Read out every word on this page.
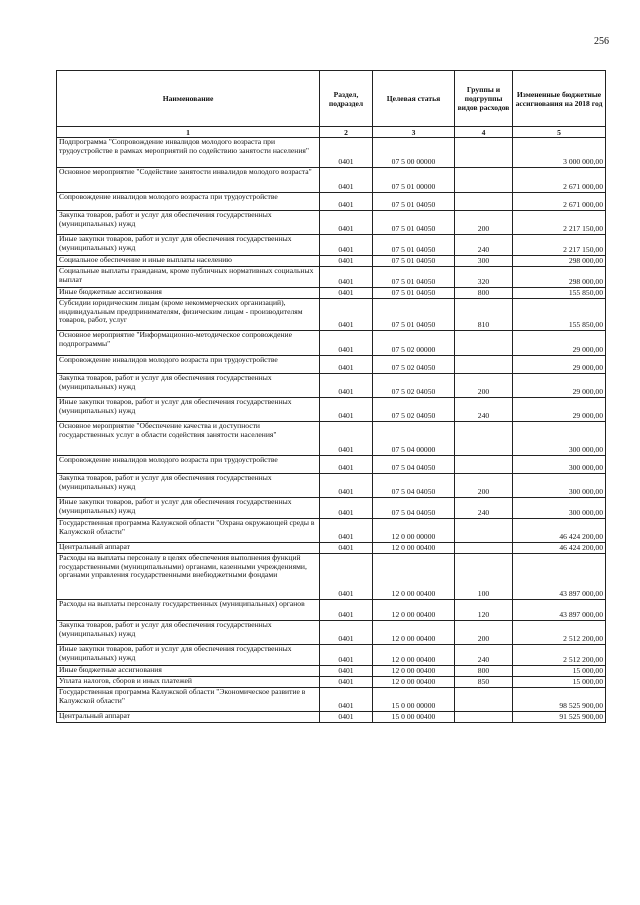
256
Наименование	Раздел, подраздел	Целевая статья	Группы и подгруппы видов расходов	Измененные бюджетные ассигнования на 2018 год
1	2	3	4	5
Подпрограмма "Сопровождение инвалидов молодого возраста при трудоустройстве в рамках мероприятий по содействию занятости населения"	0401	07 5 00 00000		3 000 000,00
Основное мероприятие "Содействие занятости инвалидов молодого возраста"	0401	07 5 01 00000		2 671 000,00
Сопровождение инвалидов молодого возраста при трудоустройстве	0401	07 5 01 04050		2 671 000,00
Закупка товаров, работ и услуг для обеспечения государственных (муниципальных) нужд	0401	07 5 01 04050	200	2 217 150,00
Иные закупки товаров, работ и услуг для обеспечения государственных (муниципальных) нужд	0401	07 5 01 04050	240	2 217 150,00
Социальное обеспечение и иные выплаты населению	0401	07 5 01 04050	300	298 000,00
Социальные выплаты гражданам, кроме публичных нормативных социальных выплат	0401	07 5 01 04050	320	298 000,00
Иные бюджетные ассигнования	0401	07 5 01 04050	800	155 850,00
Субсидии юридическим лицам (кроме некоммерческих организаций), индивидуальным предпринимателям, физическим лицам - производителям товаров, работ, услуг	0401	07 5 01 04050	810	155 850,00
Основное мероприятие "Информационно-методическое сопровождение подпрограммы"	0401	07 5 02 00000		29 000,00
Сопровождение инвалидов молодого возраста при трудоустройстве	0401	07 5 02 04050		29 000,00
Закупка товаров, работ и услуг для обеспечения государственных (муниципальных) нужд	0401	07 5 02 04050	200	29 000,00
Иные закупки товаров, работ и услуг для обеспечения государственных (муниципальных) нужд	0401	07 5 02 04050	240	29 000,00
Основное мероприятие "Обеспечение качества и доступности государственных услуг в области содействия занятости населения"	0401	07 5 04 00000		300 000,00
Сопровождение инвалидов молодого возраста при трудоустройстве	0401	07 5 04 04050		300 000,00
Закупка товаров, работ и услуг для обеспечения государственных (муниципальных) нужд	0401	07 5 04 04050	200	300 000,00
Иные закупки товаров, работ и услуг для обеспечения государственных (муниципальных) нужд	0401	07 5 04 04050	240	300 000,00
Государственная программа Калужской области "Охрана окружающей среды в Калужской области"	0401	12 0 00 00000		46 424 200,00
Центральный аппарат	0401	12 0 00 00400		46 424 200,00
Расходы на выплаты персоналу в целях обеспечения выполнения функций государственными (муниципальными) органами, казенными учреждениями, органами управления государственными внебюджетными фондами	0401	12 0 00 00400	100	43 897 000,00
Расходы на выплаты персоналу государственных (муниципальных) органов	0401	12 0 00 00400	120	43 897 000,00
Закупка товаров, работ и услуг для обеспечения государственных (муниципальных) нужд	0401	12 0 00 00400	200	2 512 200,00
Иные закупки товаров, работ и услуг для обеспечения государственных (муниципальных) нужд	0401	12 0 00 00400	240	2 512 200,00
Иные бюджетные ассигнования	0401	12 0 00 00400	800	15 000,00
Уплата налогов, сборов и иных платежей	0401	12 0 00 00400	850	15 000,00
Государственная программа Калужской области "Экономическое развитие в Калужской области"	0401	15 0 00 00000		98 525 900,00
Центральный аппарат	0401	15 0 00 00400		91 525 900,00
